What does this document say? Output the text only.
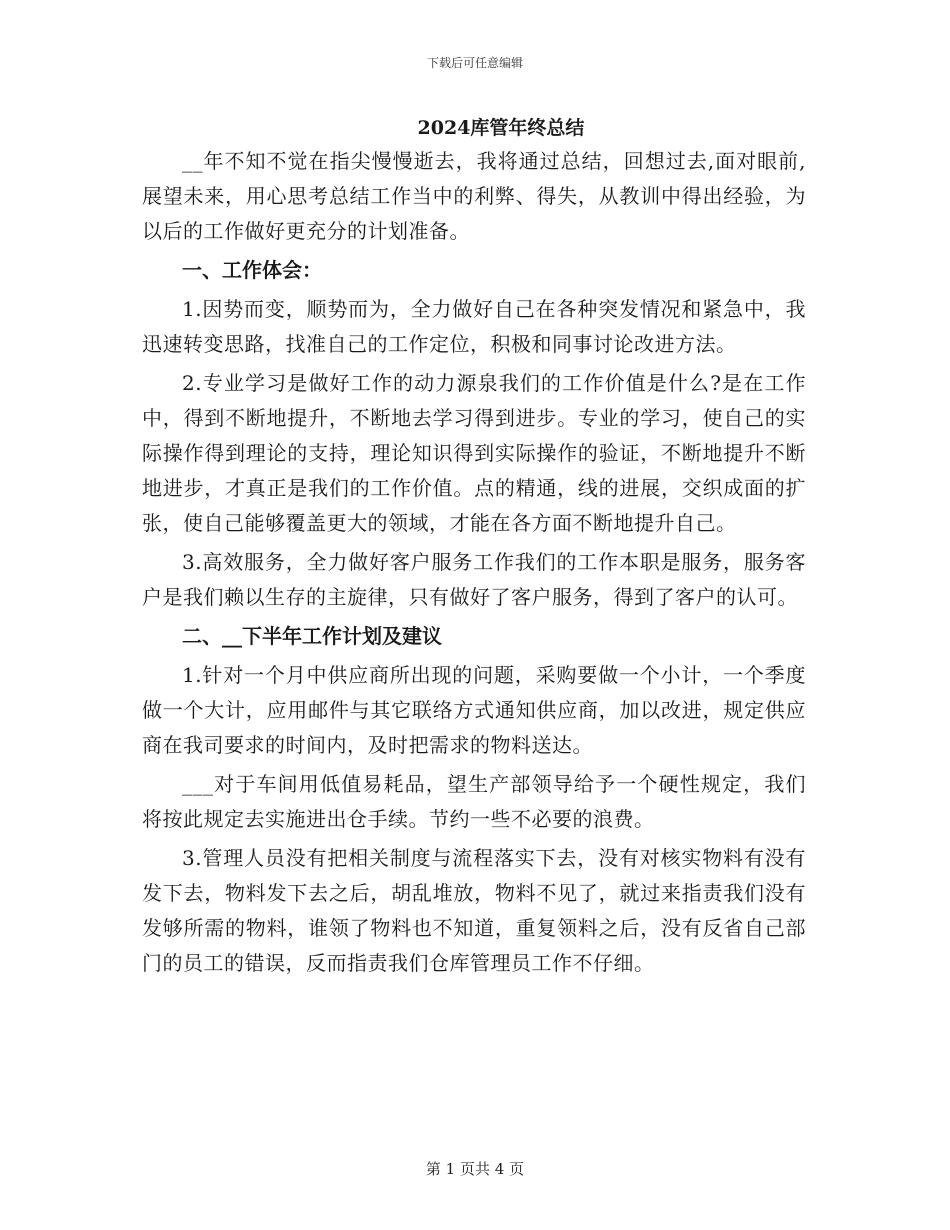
下载后可任意编辑
2024库管年终总结

__年不知不觉在指尖慢慢逝去，我将通过总结，回想过去,面对眼前,展望未来，用心思考总结工作当中的利弊、得失，从教训中得出经验，为以后的工作做好更充分的计划准备。

一、工作体会：

1.因势而变，顺势而为，全力做好自己在各种突发情况和紧急中，我迅速转变思路，找准自己的工作定位，积极和同事讨论改进方法。

2.专业学习是做好工作的动力源泉我们的工作价值是什么?是在工作中，得到不断地提升，不断地去学习得到进步。专业的学习，使自己的实际操作得到理论的支持，理论知识得到实际操作的验证，不断地提升不断地进步，才真正是我们的工作价值。点的精通，线的进展，交织成面的扩张，使自己能够覆盖更大的领域，才能在各方面不断地提升自己。

3.高效服务，全力做好客户服务工作我们的工作本职是服务，服务客户是我们赖以生存的主旋律，只有做好了客户服务，得到了客户的认可。

二、__下半年工作计划及建议

1.针对一个月中供应商所出现的问题，采购要做一个小计，一个季度做一个大计，应用邮件与其它联络方式通知供应商，加以改进，规定供应商在我司要求的时间内，及时把需求的物料送达。

___对于车间用低值易耗品，望生产部领导给予一个硬性规定，我们将按此规定去实施进出仓手续。节约一些不必要的浪费。

3.管理人员没有把相关制度与流程落实下去，没有对核实物料有没有发下去，物料发下去之后，胡乱堆放，物料不见了，就过来指责我们没有发够所需的物料，谁领了物料也不知道，重复领料之后，没有反省自己部门的员工的错误，反而指责我们仓库管理员工作不仔细。

第 1 页共 4 页
